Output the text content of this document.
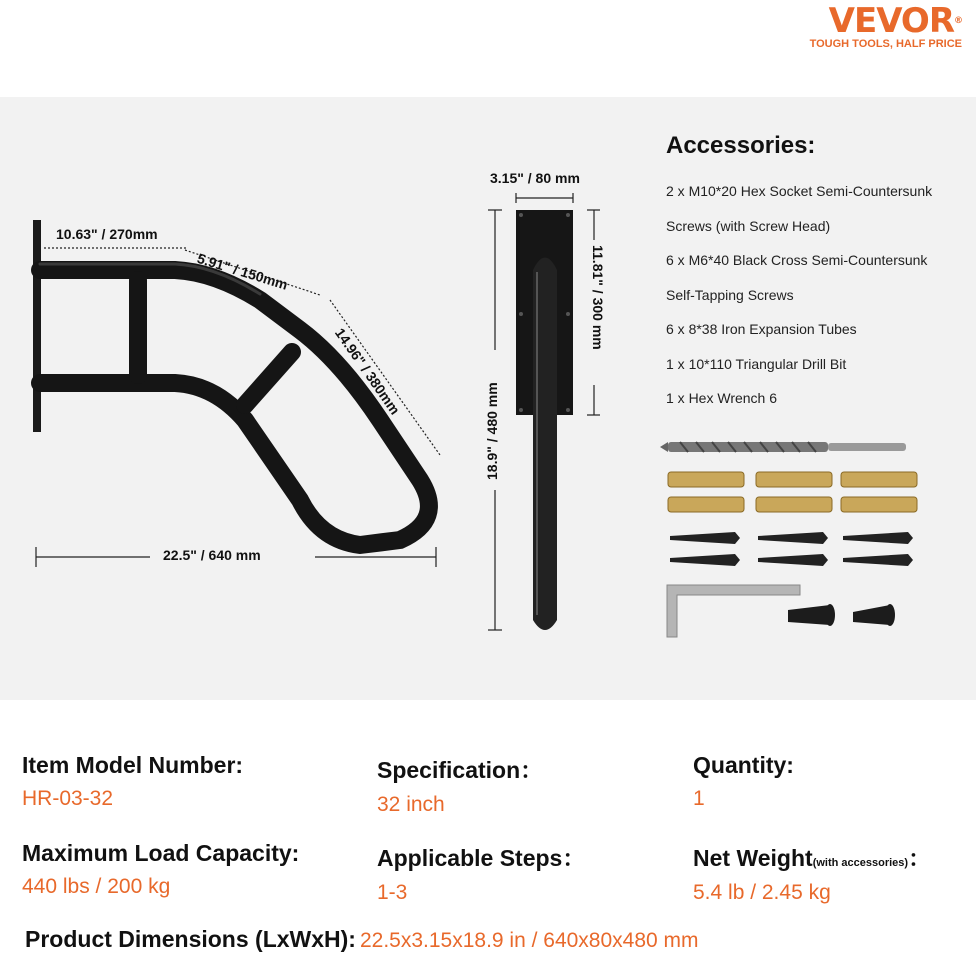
VEVOR®
TOUGH TOOLS, HALF PRICE
10.63" / 270mm
5.91" / 150mm
14.96" / 380mm
22.5" / 640 mm
3.15" / 80 mm
11.81" / 300 mm
18.9" / 480 mm
Accessories:
2 x M10*20 Hex Socket Semi-Countersunk
Screws (with Screw Head)
6 x M6*40 Black Cross Semi-Countersunk
Self-Tapping Screws
6 x 8*38 Iron Expansion Tubes
1 x 10*110 Triangular Drill Bit
1 x Hex Wrench 6
Item Model Number:
HR-03-32
Specification：
32 inch
Quantity:
1
Maximum Load Capacity:
440 lbs / 200 kg
Applicable Steps：
1-3
Net Weight(with accessories)：
5.4 lb / 2.45 kg
Product Dimensions (LxWxH): 22.5x3.15x18.9 in / 640x80x480 mm
